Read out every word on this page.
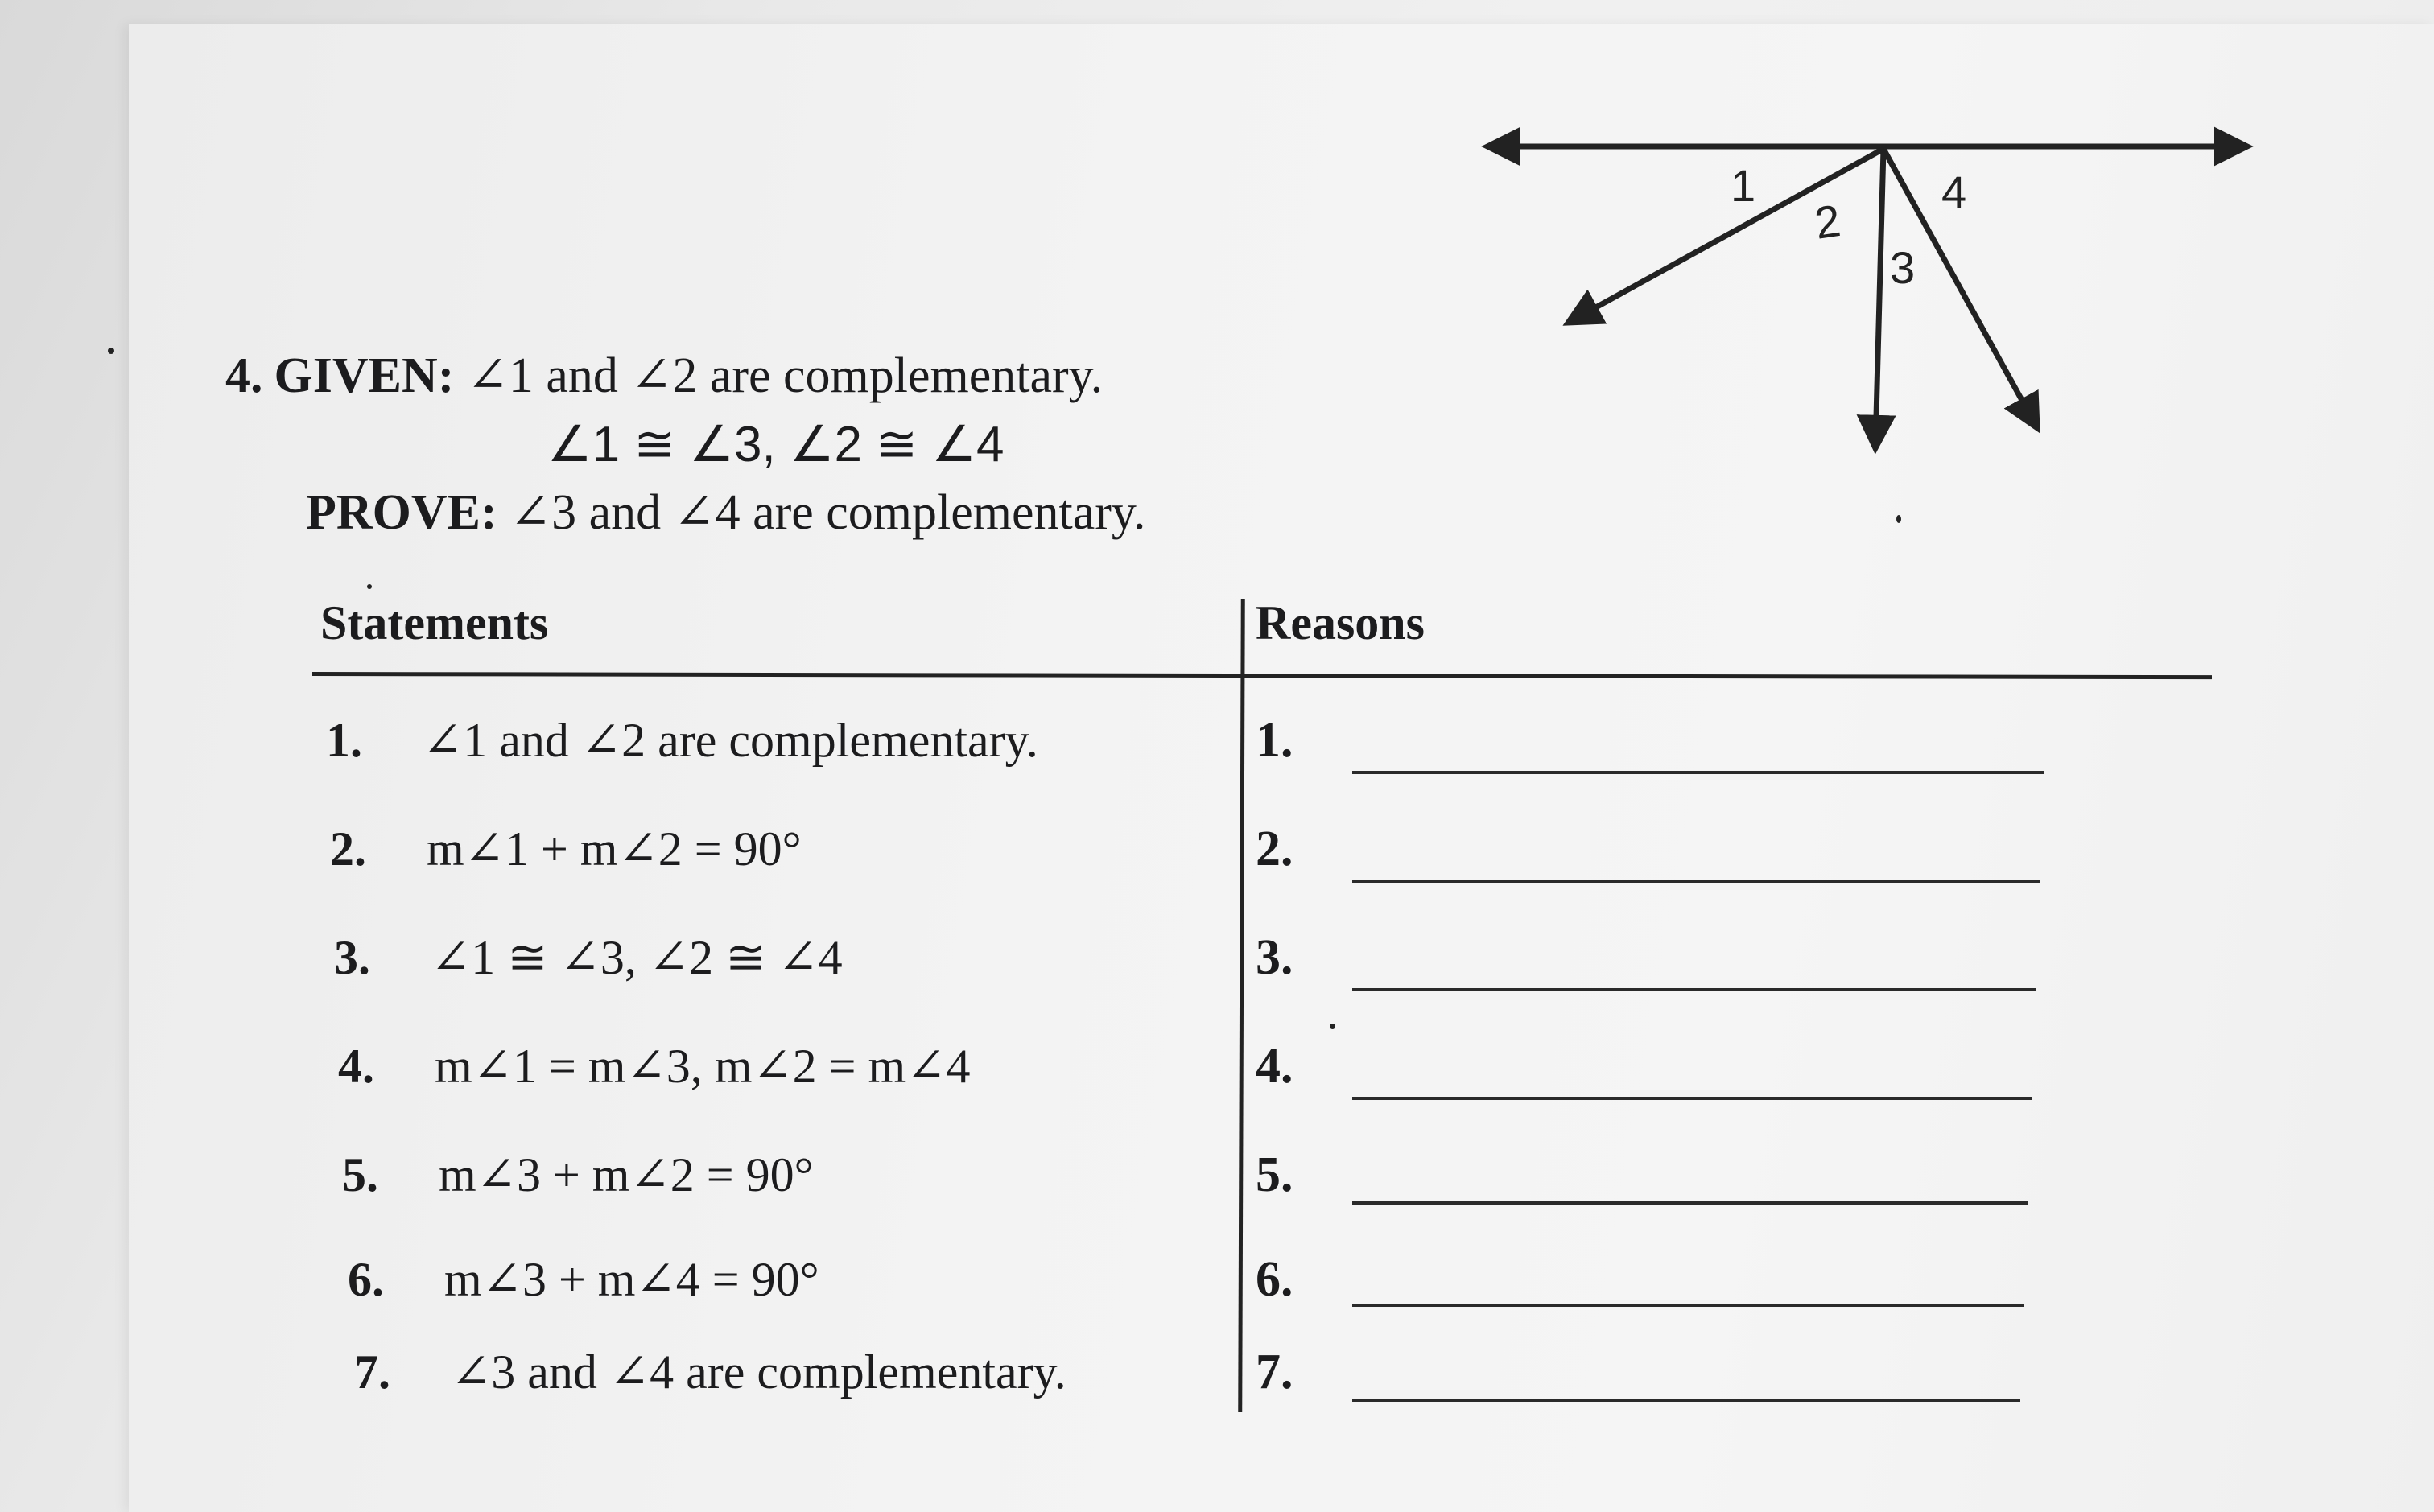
1
2
3
4
4. GIVEN: ∠1 and ∠2 are complementary.
∠1 ≅ ∠3, ∠2 ≅ ∠4
PROVE: ∠3 and ∠4 are complementary.
Statements	Reasons
1. ∠1 and ∠2 are complementary.
2. m∠1 + m∠2 = 90°
3. ∠1 ≅ ∠3, ∠2 ≅ ∠4
4. m∠1 = m∠3, m∠2 = m∠4
5. m∠3 + m∠2 = 90°
6. m∠3 + m∠4 = 90°
7. ∠3 and ∠4 are complementary.
1.
2.
3.
4.
5.
6.
7.
